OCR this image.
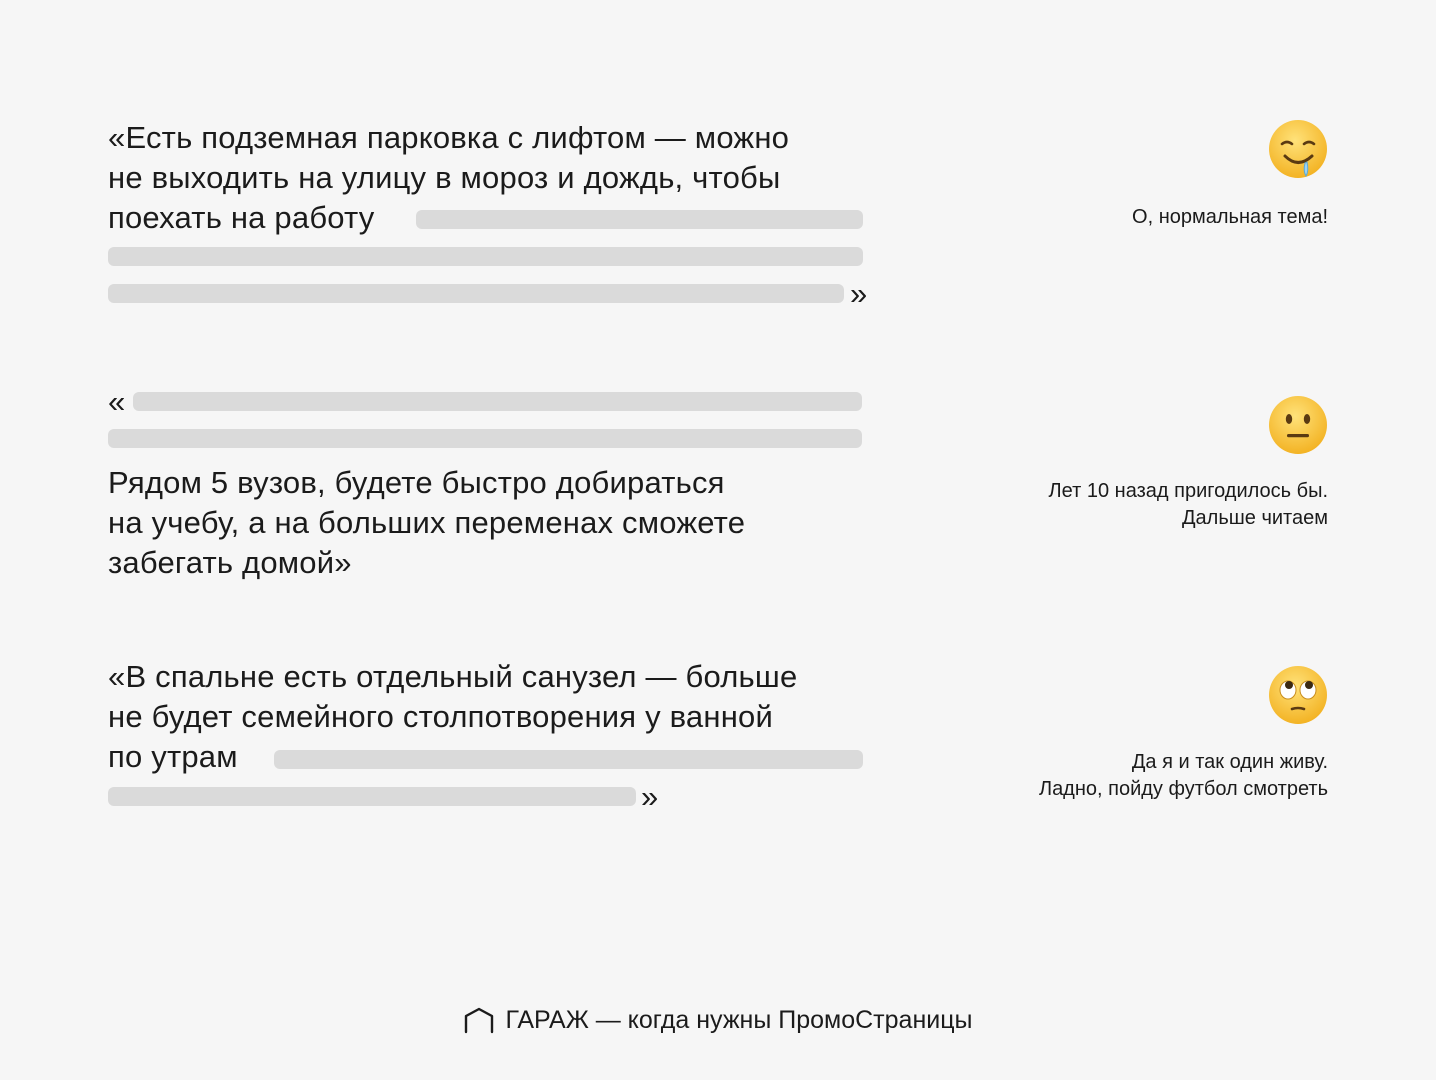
«Есть подземная парковка с лифтом — можно
не выходить на улицу в мороз и дождь, чтобы
поехать на работу
»
«
Рядом 5 вузов, будете быстро добираться
на учебу, а на больших переменах сможете
забегать домой»
«В спальне есть отдельный санузел — больше
не будет семейного столпотворения у ванной
по утрам
»
О, нормальная тема!
Лет 10 назад пригодилось бы.
Дальше читаем
Да я и так один живу.
Ладно, пойду футбол смотреть
ГАРАЖ — когда нужны ПромоСтраницы
